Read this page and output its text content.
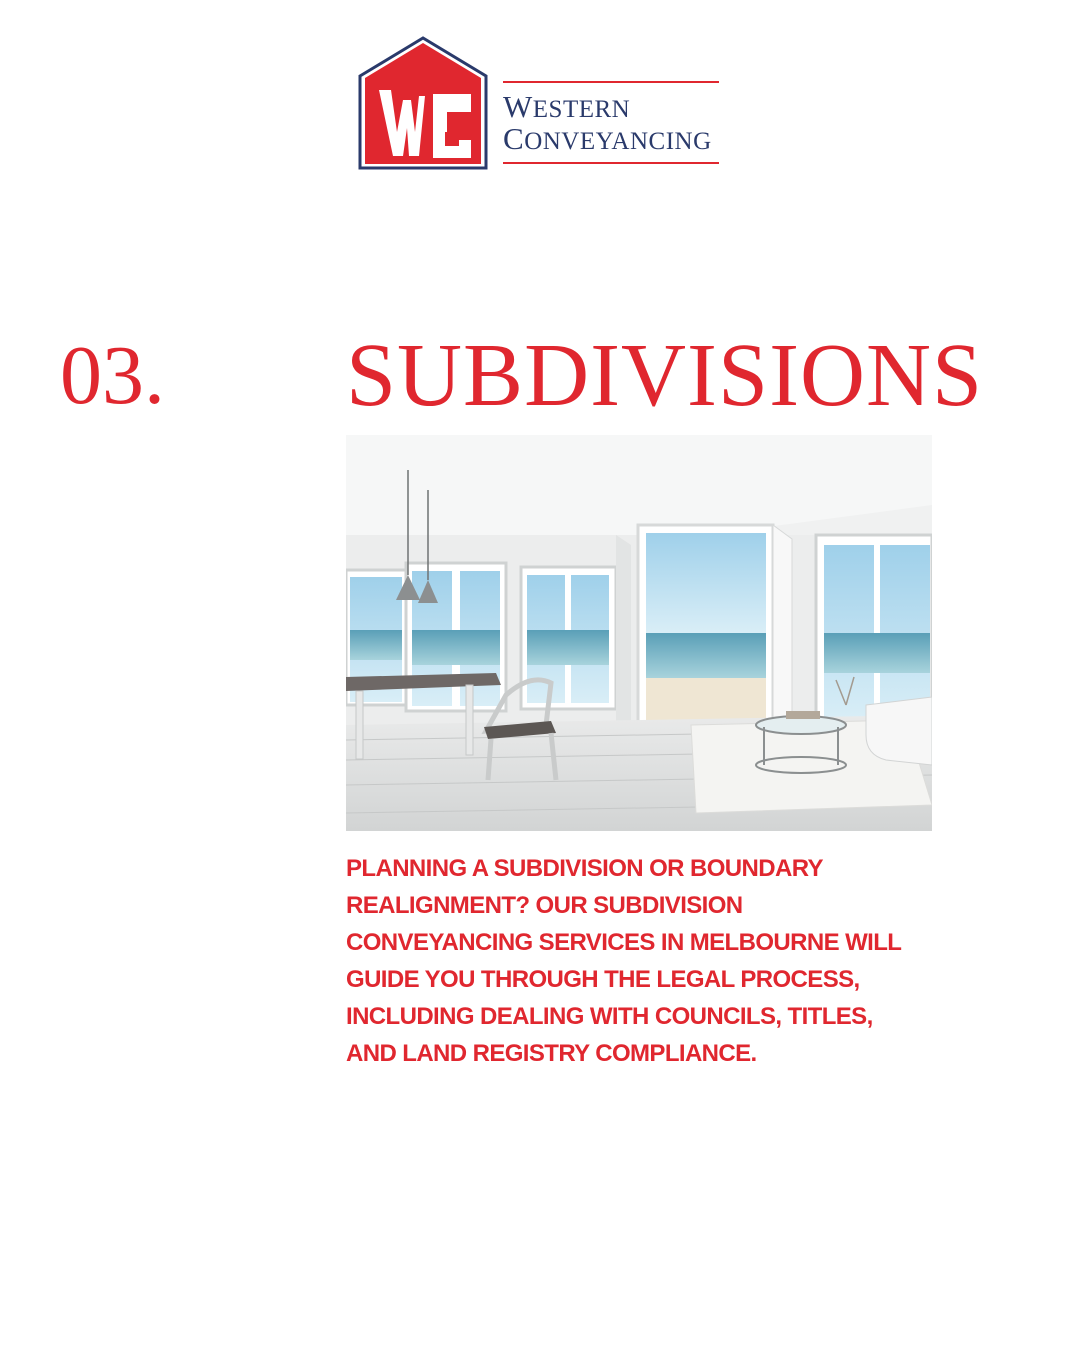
WESTERN
CONVEYANCING
03. SUBDIVISIONS
PLANNING A SUBDIVISION OR BOUNDARY REALIGNMENT? OUR SUBDIVISION CONVEYANCING SERVICES IN MELBOURNE WILL GUIDE YOU THROUGH THE LEGAL PROCESS, INCLUDING DEALING WITH COUNCILS, TITLES, AND LAND REGISTRY COMPLIANCE.
